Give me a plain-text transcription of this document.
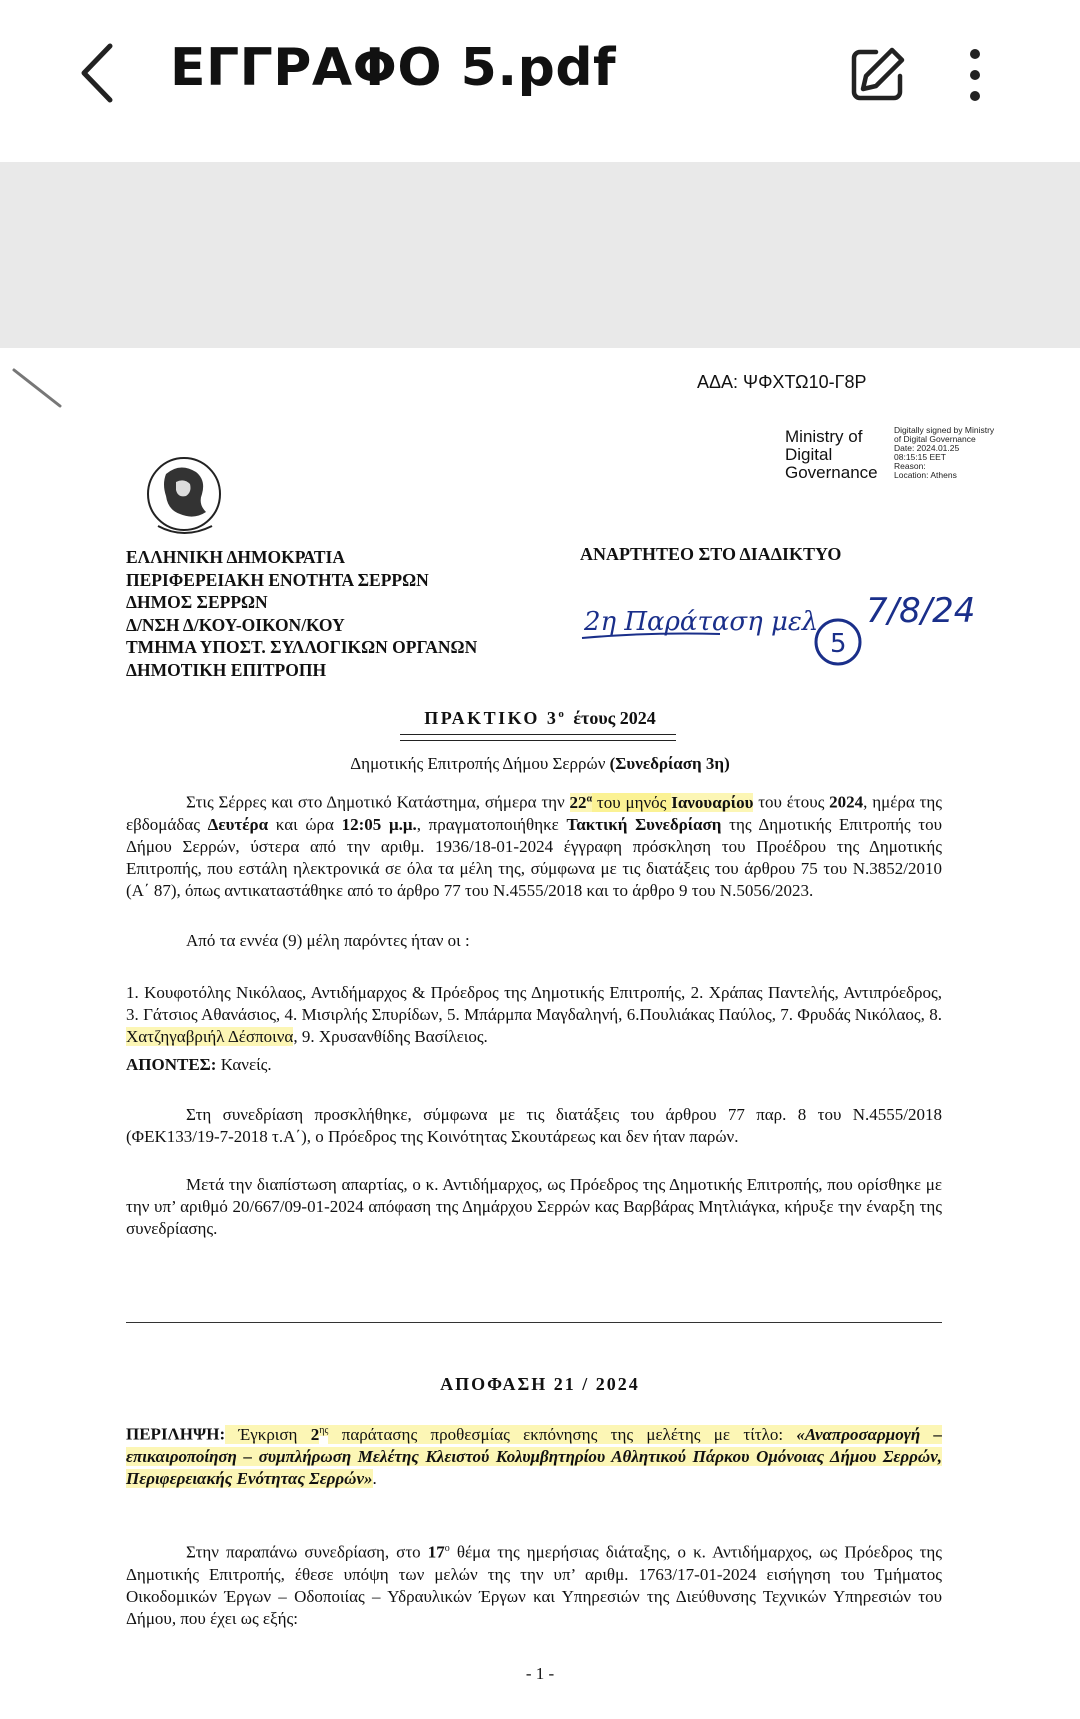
ΕΓΓΡΑΦΟ 5.pdf
ΑΔΑ: ΨΦΧΤΩ10-Γ8Ρ
Ministry of
Digital
Governance
Digitally signed by Ministry
of Digital Governance
Date: 2024.01.25
08:15:15 EET
Reason:
Location: Athens
ΕΛΛΗΝΙΚΗ ΔΗΜΟΚΡΑΤΙΑ
ΠΕΡΙΦΕΡΕΙΑΚΗ ΕΝΟΤΗΤΑ ΣΕΡΡΩΝ
ΔΗΜΟΣ ΣΕΡΡΩΝ
Δ/ΝΣΗ Δ/ΚΟΥ-ΟΙΚΟΝ/ΚΟΥ
ΤΜΗΜΑ ΥΠΟΣΤ. ΣΥΛΛΟΓΙΚΩΝ ΟΡΓΑΝΩΝ
ΔΗΜΟΤΙΚΗ ΕΠΙΤΡΟΠΗ
ΑΝΑΡΤΗΤΕΟ ΣΤΟ ΔΙΑΔΙΚΤΥΟ
2η Παράταση μελ
5
7/8/24
ΠΡΑΚΤΙΚΟ $3^o$ έτους 2024
Δημοτικής Επιτροπής Δήμου Σερρών (Συνεδρίαση 3η)

Στις Σέρρες και στο Δημοτικό Κατάστημα, σήμερα την $22^\alpha$ του μηνός Ιανουαρίου του έτους 2024, ημέρα της εβδομάδας Δευτέρα και ώρα 12:05 μ.μ., πραγματοποιήθηκε Τακτική Συνεδρίαση της Δημοτικής Επιτροπής του Δήμου Σερρών, ύστερα από την αριθμ. 1936/18-01-2024 έγγραφη πρόσκληση του Προέδρου της Δημοτικής Επιτροπής, που εστάλη ηλεκτρονικά σε όλα τα μέλη της, σύμφωνα με τις διατάξεις του άρθρου 75 του Ν.3852/2010 (Α΄ 87), όπως αντικαταστάθηκε από το άρθρο 77 του Ν.4555/2018 και το άρθρο 9 του Ν.5056/2023.

Από τα εννέα (9) μέλη παρόντες ήταν οι :

1. Κουφοτόλης Νικόλαος, Αντιδήμαρχος & Πρόεδρος της Δημοτικής Επιτροπής, 2. Χράπας Παντελής, Αντιπρόεδρος, 3. Γάτσιος Αθανάσιος, 4. Μισιρλής Σπυρίδων, 5. Μπάρμπα Μαγδαληνή, 6.Πουλιάκας Παύλος, 7. Φρυδάς Νικόλαος, 8. Χατζηγαβριήλ Δέσποινα, 9. Χρυσανθίδης Βασίλειος.

ΑΠΟΝΤΕΣ: Κανείς.

Στη συνεδρίαση προσκλήθηκε, σύμφωνα με τις διατάξεις του άρθρου 77 παρ. 8 του Ν.4555/2018 (ΦΕΚ133/19-7-2018 τ.Α΄), ο Πρόεδρος της Κοινότητας Σκουτάρεως και δεν ήταν παρών.

Μετά την διαπίστωση απαρτίας, ο κ. Αντιδήμαρχος, ως Πρόεδρος της Δημοτικής Επιτροπής, που ορίσθηκε με την υπ’ αριθμό 20/667/09-01-2024 απόφαση της Δημάρχου Σερρών κας Βαρβάρας Μητλιάγκα, κήρυξε την έναρξη της συνεδρίασης.

ΑΠΟΦΑΣΗ 21 / 2024
ΠΕΡΙΛΗΨΗ: Έγκριση $2^{\eta\varsigma}$ παράτασης προθεσμίας εκπόνησης της μελέτης με τίτλο: «Αναπροσαρμογή – επικαιροποίηση – συμπλήρωση Μελέτης Κλειστού Κολυμβητηρίου Αθλητικού Πάρκου Ομόνοιας Δήμου Σερρών, Περιφερειακής Ενότητας Σερρών».

Στην παραπάνω συνεδρίαση, στο $17^o$ θέμα της ημερήσιας διάταξης, ο κ. Αντιδήμαρχος, ως Πρόεδρος της Δημοτικής Επιτροπής, έθεσε υπόψη των μελών της την υπ’ αριθμ. 1763/17-01-2024 εισήγηση του Τμήματος Οικοδομικών Έργων – Οδοποιίας – Υδραυλικών Έργων και Υπηρεσιών της Διεύθυνσης Τεχνικών Υπηρεσιών του Δήμου, που έχει ως εξής:

- 1 -
